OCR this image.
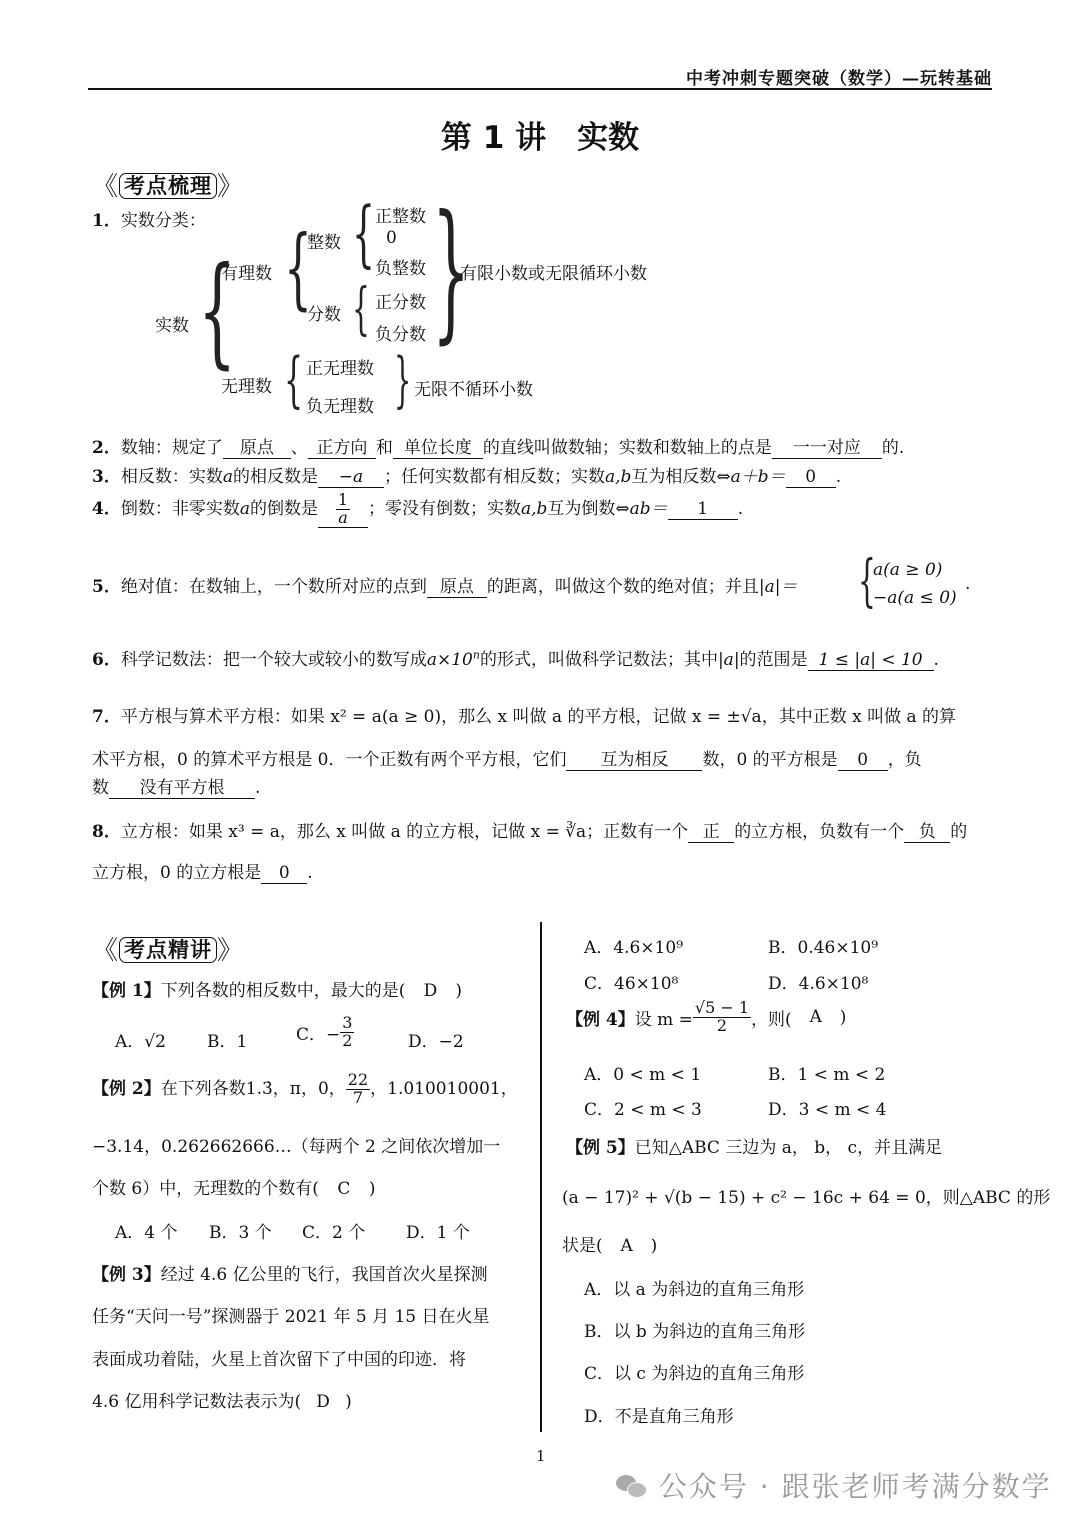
中考冲刺专题突破（数学）—玩转基础
第 1 讲　实数
《 考点梳理 》
1．实数分类：
实数 {
有理数
无理数
{
整数
分数
{ 正整数
0
负整数
{ 正分数
负分数 }
有限小数或无限循环小数
{ 正无理数
负无理数 } 无限不循环小数
2．数轴：规定了 原点 、 正方向 和 单位长度 的直线叫做数轴；实数和数轴上的点是 一一对应 的.
3．相反数：实数a的相反数是 −a ；任何实数都有相反数；实数a,b互为相反数⇔a＋b＝ 0 .
4．倒数：非零实数a的倒数是 $\frac{1}{a}$ ；零没有倒数；实数a,b互为倒数⇔ab＝ 1 .
5．绝对值：在数轴上，一个数所对应的点到 原点 的距离，叫做这个数的绝对值；并且|a|＝ {
a(a ≥ 0)
−a(a ≤ 0)
.
6．科学记数法：把一个较大或较小的数写成$a\times 10^n$的形式，叫做科学记数法；其中|a|的范围是 1 ≤ |a| < 10 .
7．平方根与算术平方根：如果 x² = a(a ≥ 0)，那么 x 叫做 a 的平方根，记做 x = ±√a，其中正数 x 叫做 a 的算
术平方根，0 的算术平方根是 0．一个正数有两个平方根，它们 互为相反 数，0 的平方根是 0 ，负
数 没有平方根 .
8．立方根：如果 x³ = a，那么 x 叫做 a 的立方根，记做 x = ∛a；正数有一个 正 的立方根，负数有一个 负 的
立方根，0 的立方根是 0 .
《 考点精讲 》
【例 1】下列各数的相反数中，最大的是( D )
A．√2 B．1	C．− $\frac{3}{2}$	D．−2
【例 2】在下列各数1.3̇，π，0， $\frac{22}{7}$ ，1.010010001，
−3.14，0.262662666…（每两个 2 之间依次增加一
个数 6）中，无理数的个数有( C )
A．4 个 B．3 个 C．2 个 D．1 个
【例 3】经过 4.6 亿公里的飞行，我国首次火星探测
任务“天问一号”探测器于 2021 年 5 月 15 日在火星
表面成功着陆，火星上首次留下了中国的印迹．将
4.6 亿用科学记数法表示为( D )
A．4.6×10⁹	B．0.46×10⁹
C．46×10⁸	D．4.6×10⁸
【例 4】设 $m = \frac{√5 - 1}{2}$ ，则( A )
A．0 < m < 1	B．1 < m < 2
C．2 < m < 3	D．3 < m < 4
【例 5】已知△ABC 三边为 a， b， c，并且满足
(a − 17)² + √(b − 15) + c² − 16c + 64 = 0，则△ABC 的形
状是( A )
A．以 a 为斜边的直角三角形
B．以 b 为斜边的直角三角形
C．以 c 为斜边的直角三角形
D．不是直角三角形
1
公众号 · 跟张老师考满分数学
